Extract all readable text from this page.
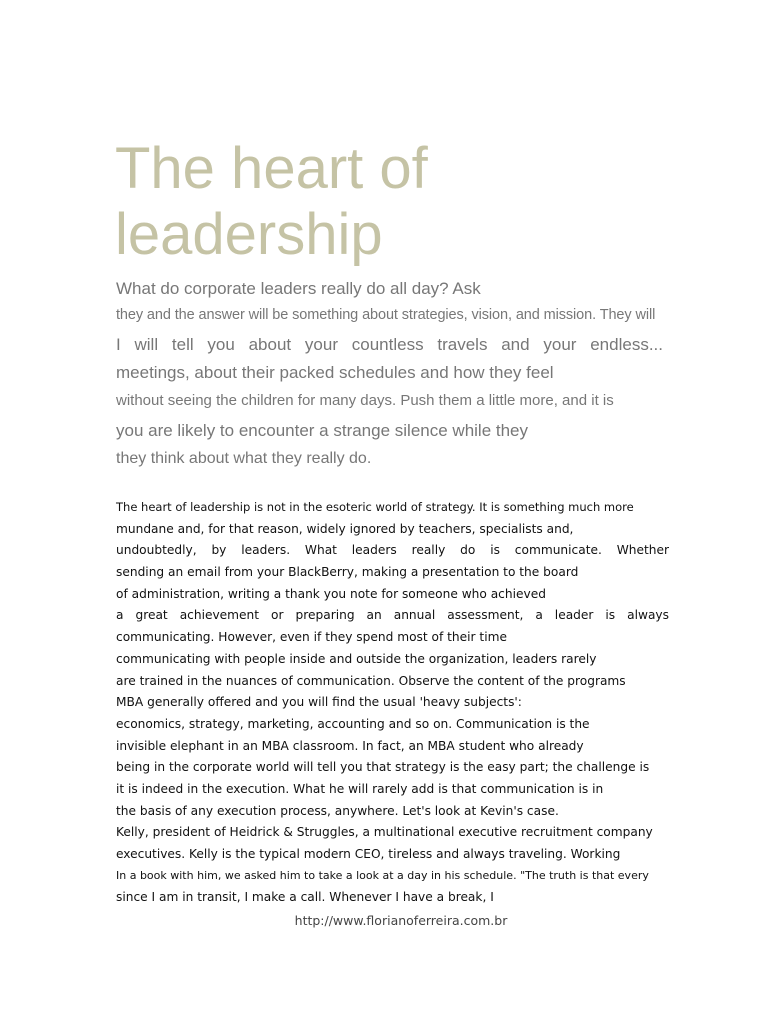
The heart of
leadership
What do corporate leaders really do all day? Ask
they and the answer will be something about strategies, vision, and mission. They will
I will tell you about your countless travels and your endless...
meetings, about their packed schedules and how they feel
without seeing the children for many days. Push them a little more, and it is
you are likely to encounter a strange silence while they
they think about what they really do.
The heart of leadership is not in the esoteric world of strategy. It is something much more
mundane and, for that reason, widely ignored by teachers, specialists and,
undoubtedly, by leaders. What leaders really do is communicate. Whether
sending an email from your BlackBerry, making a presentation to the board
of administration, writing a thank you note for someone who achieved
a great achievement or preparing an annual assessment, a leader is always
communicating. However, even if they spend most of their time
communicating with people inside and outside the organization, leaders rarely
are trained in the nuances of communication. Observe the content of the programs
MBA generally offered and you will find the usual 'heavy subjects':
economics, strategy, marketing, accounting and so on. Communication is the
invisible elephant in an MBA classroom. In fact, an MBA student who already
being in the corporate world will tell you that strategy is the easy part; the challenge is
it is indeed in the execution. What he will rarely add is that communication is in
the basis of any execution process, anywhere. Let's look at Kevin's case.
Kelly, president of Heidrick & Struggles, a multinational executive recruitment company
executives. Kelly is the typical modern CEO, tireless and always traveling. Working
In a book with him, we asked him to take a look at a day in his schedule. "The truth is that every
since I am in transit, I make a call. Whenever I have a break, I
http://www.florianoferreira.com.br
